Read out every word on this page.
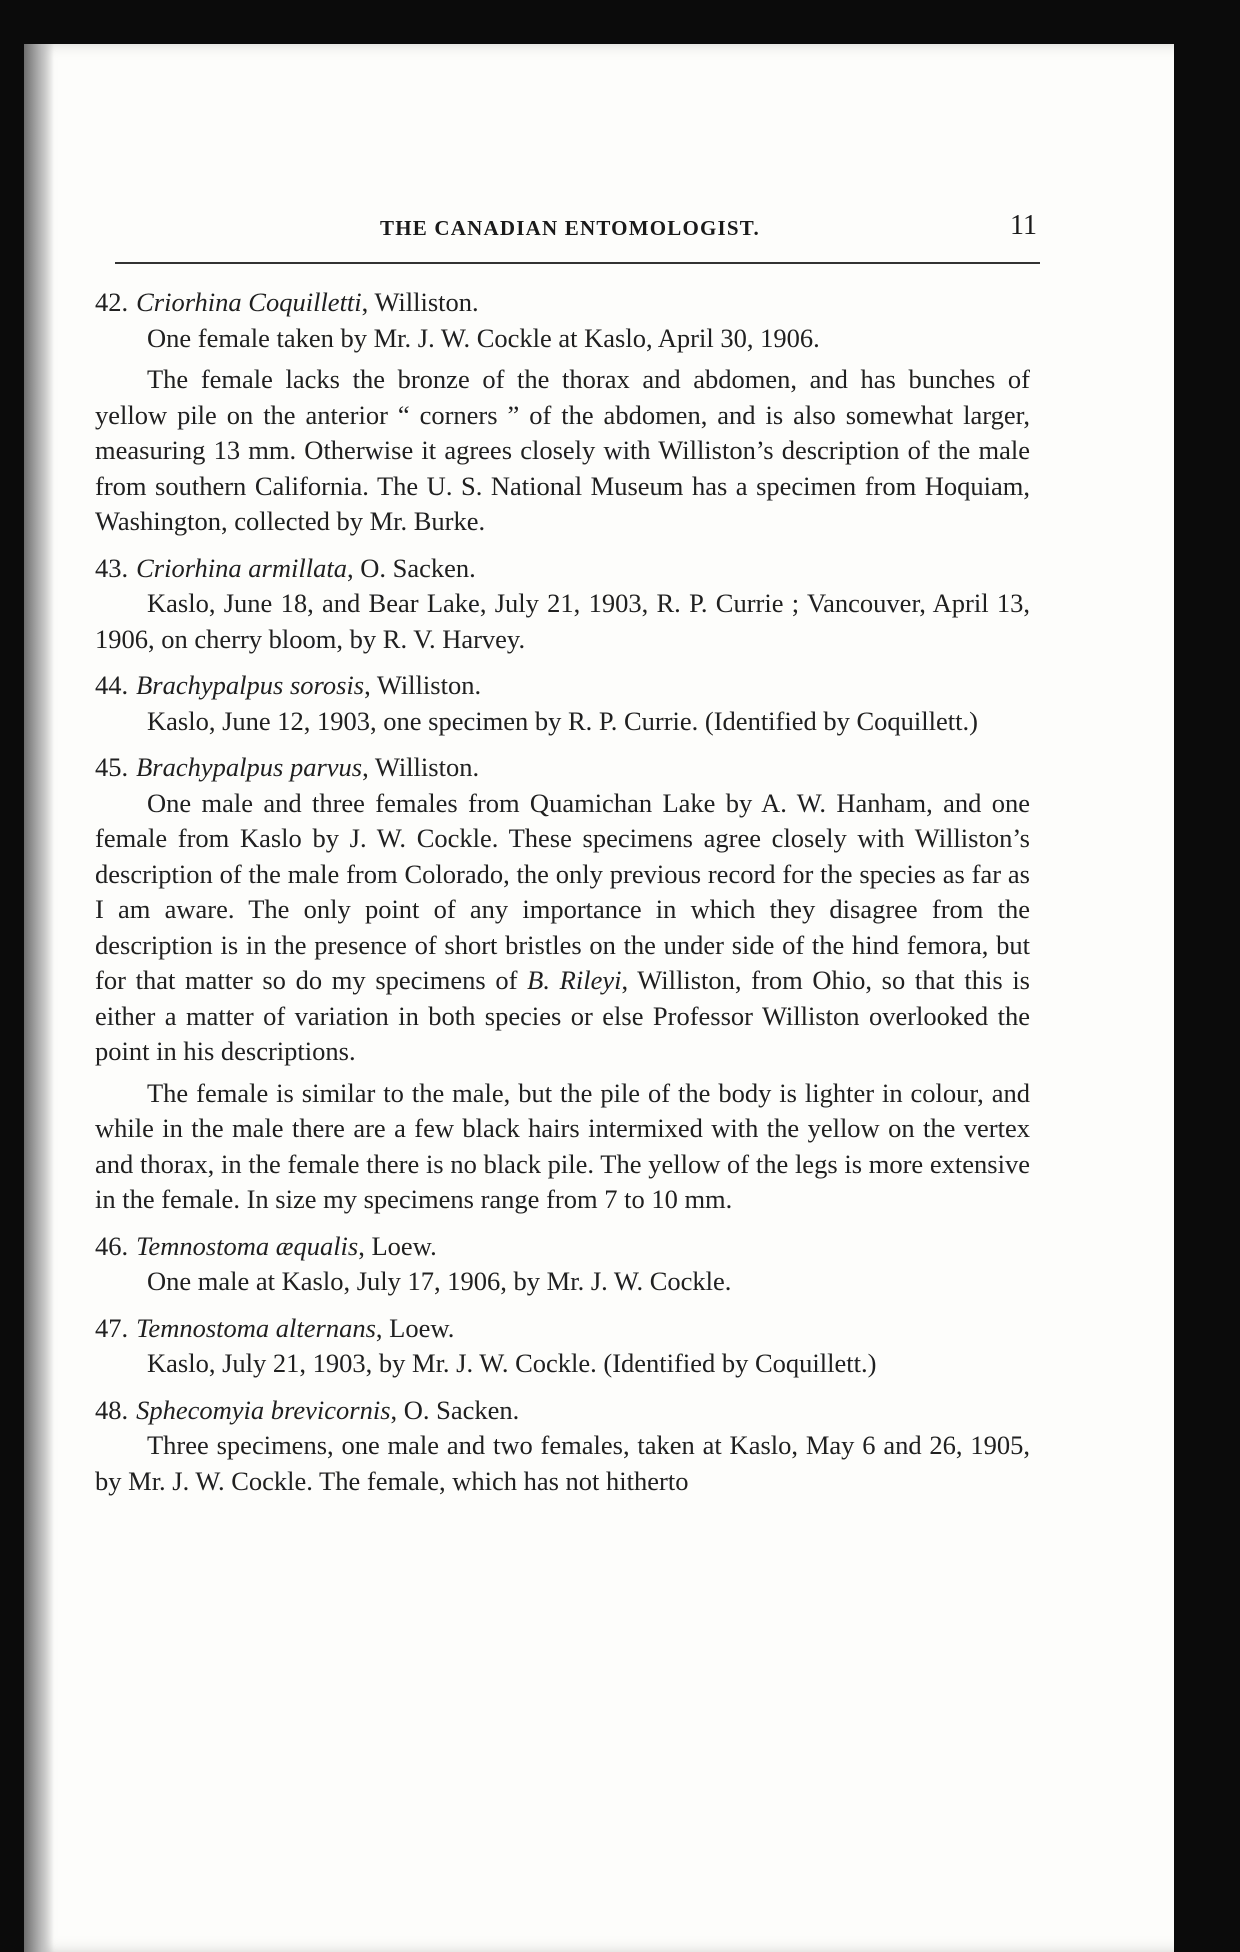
THE CANADIAN ENTOMOLOGIST.	11

42. Criorhina Coquilletti, Williston.

One female taken by Mr. J. W. Cockle at Kaslo, April 30, 1906.

The female lacks the bronze of the thorax and abdomen, and has bunches of yellow pile on the anterior “ corners ” of the abdomen, and is also somewhat larger, measuring 13 mm. Otherwise it agrees closely with Williston’s description of the male from southern California. The U. S. National Museum has a specimen from Hoquiam, Washington, collected by Mr. Burke.

43. Criorhina armillata, O. Sacken.

Kaslo, June 18, and Bear Lake, July 21, 1903, R. P. Currie ; Vancouver, April 13, 1906, on cherry bloom, by R. V. Harvey.

44. Brachypalpus sorosis, Williston.

Kaslo, June 12, 1903, one specimen by R. P. Currie. (Identified by Coquillett.)

45. Brachypalpus parvus, Williston.

One male and three females from Quamichan Lake by A. W. Hanham, and one female from Kaslo by J. W. Cockle. These specimens agree closely with Williston’s description of the male from Colorado, the only previous record for the species as far as I am aware. The only point of any importance in which they disagree from the description is in the presence of short bristles on the under side of the hind femora, but for that matter so do my specimens of B. Rileyi, Williston, from Ohio, so that this is either a matter of variation in both species or else Professor Williston overlooked the point in his descriptions.

The female is similar to the male, but the pile of the body is lighter in colour, and while in the male there are a few black hairs intermixed with the yellow on the vertex and thorax, in the female there is no black pile. The yellow of the legs is more extensive in the female. In size my specimens range from 7 to 10 mm.

46. Temnostoma æqualis, Loew.

One male at Kaslo, July 17, 1906, by Mr. J. W. Cockle.

47. Temnostoma alternans, Loew.

Kaslo, July 21, 1903, by Mr. J. W. Cockle. (Identified by Coquillett.)

48. Sphecomyia brevicornis, O. Sacken.

Three specimens, one male and two females, taken at Kaslo, May 6 and 26, 1905, by Mr. J. W. Cockle. The female, which has not hitherto
